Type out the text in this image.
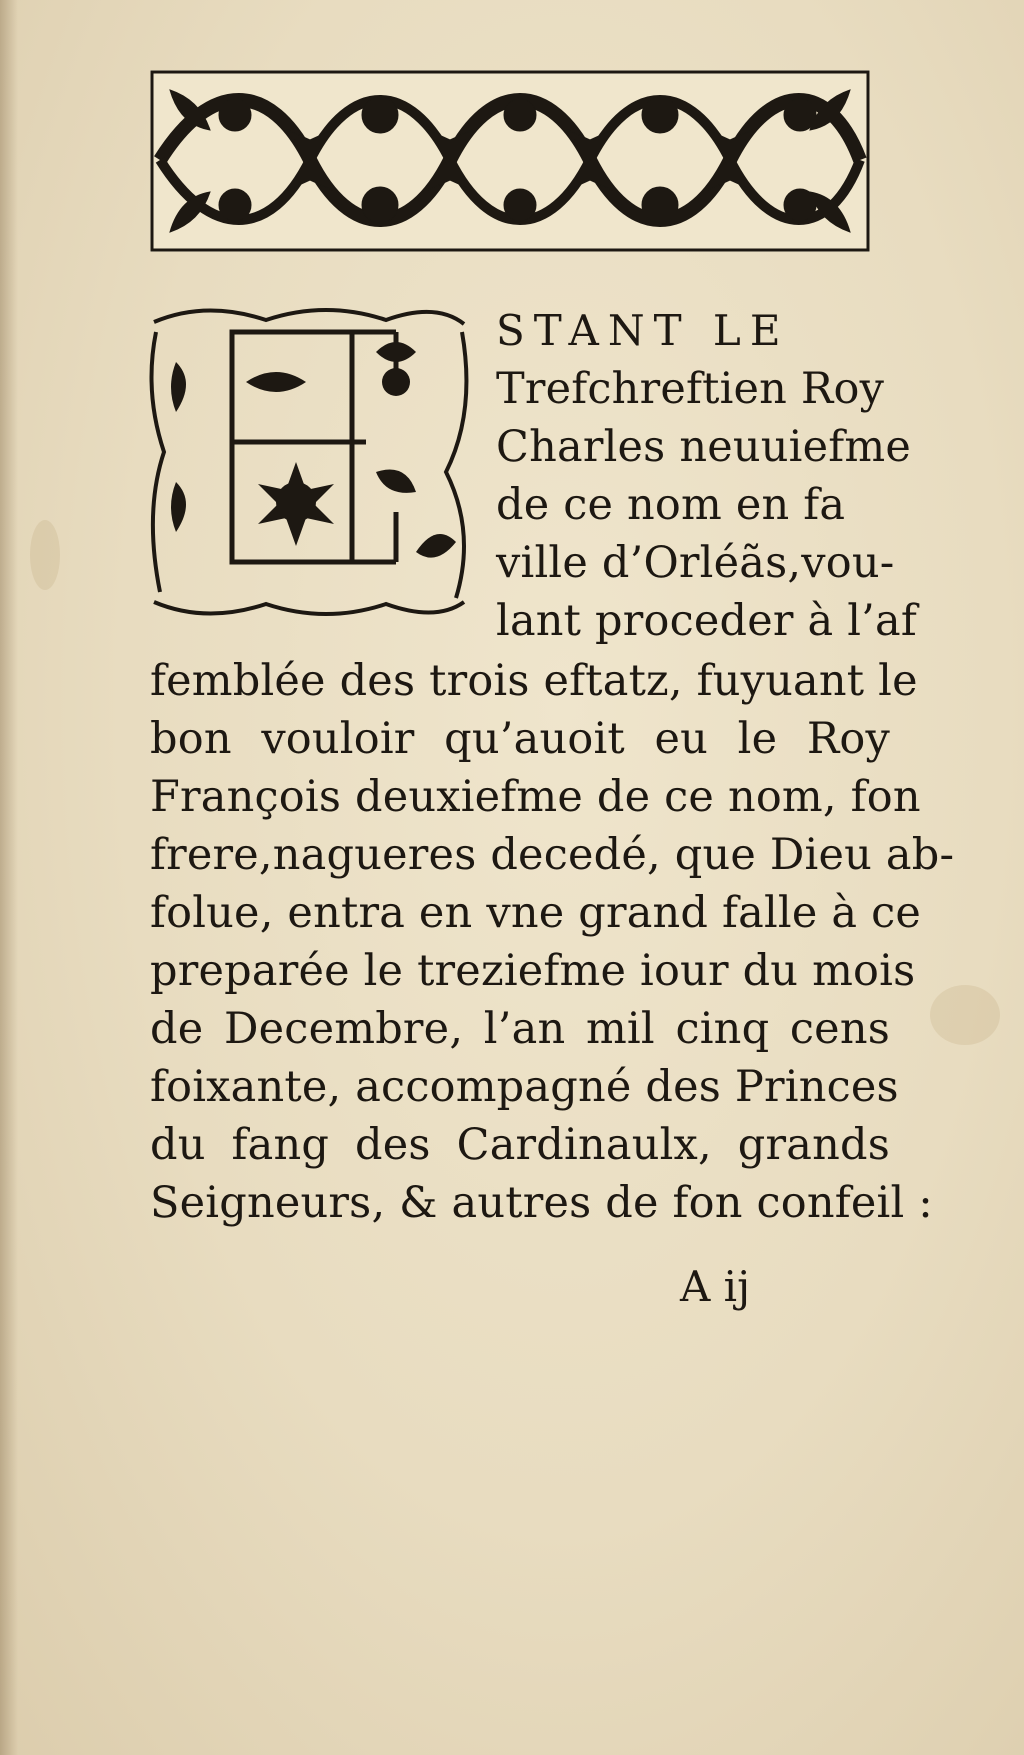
STANT LE

Trefchreftien Roy

Charles neuuiefme

de ce nom en fa

ville d’Orléãs,vou-

lant proceder à l’af

femblée des trois eftatz, fuyuant le

bon vouloir qu’auoit eu le Roy

François deuxiefme de ce nom, fon

frere,nagueres decedé, que Dieu ab-

folue, entra en vne grand falle à ce

preparée le treziefme iour du mois

de Decembre, l’an mil cinq cens

foixante, accompagné des Princes

du fang des Cardinaulx, grands

Seigneurs, & autres de fon confeil :

A ij
